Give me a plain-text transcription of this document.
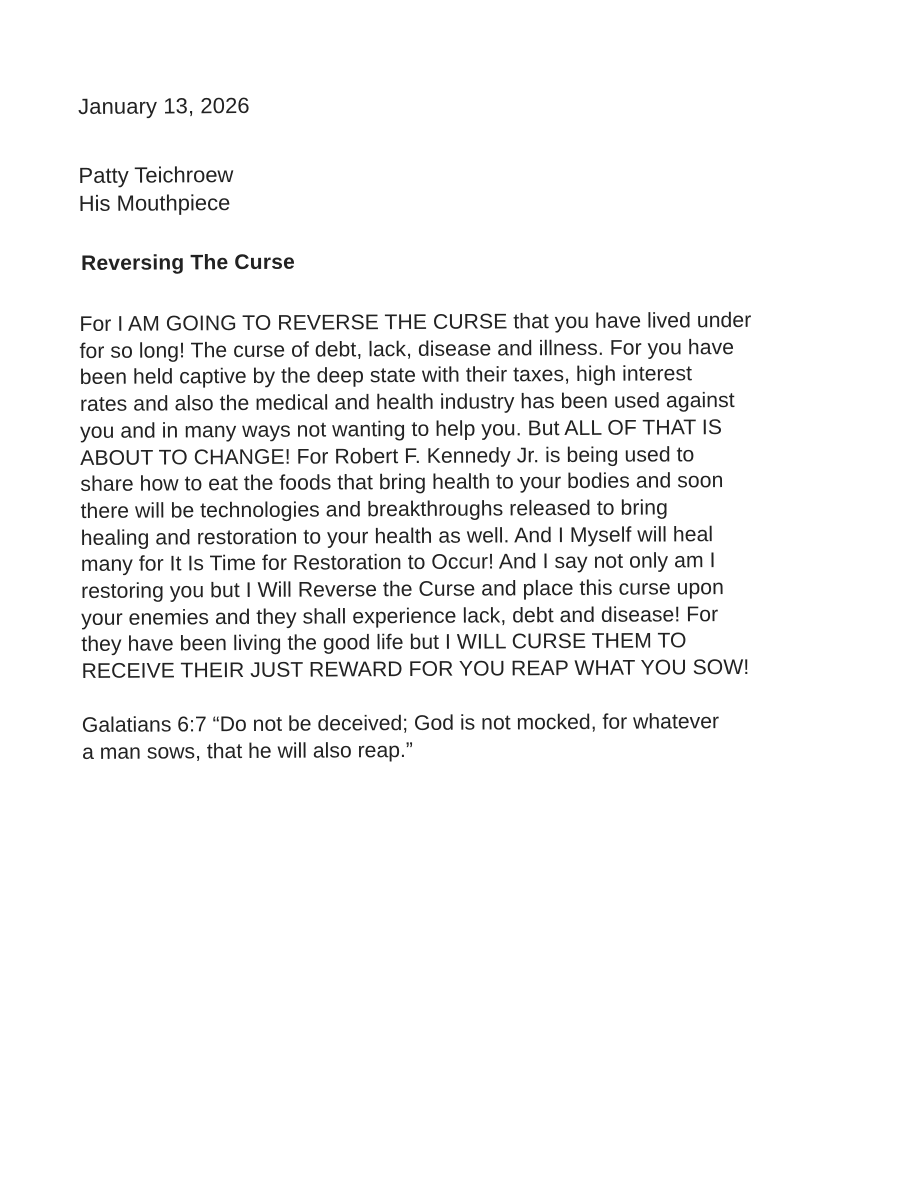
January 13, 2026

Patty Teichroew

His Mouthpiece

Reversing The Curse
For I AM GOING TO REVERSE THE CURSE that you have lived under
for so long! The curse of debt, lack, disease and illness. For you have
been held captive by the deep state with their taxes, high interest
rates and also the medical and health industry has been used against
you and in many ways not wanting to help you. But ALL OF THAT IS
ABOUT TO CHANGE! For Robert F. Kennedy Jr. is being used to
share how to eat the foods that bring health to your bodies and soon
there will be technologies and breakthroughs released to bring
healing and restoration to your health as well. And I Myself will heal
many for It Is Time for Restoration to Occur! And I say not only am I
restoring you but I Will Reverse the Curse and place this curse upon
your enemies and they shall experience lack, debt and disease! For
they have been living the good life but I WILL CURSE THEM TO
RECEIVE THEIR JUST REWARD FOR YOU REAP WHAT YOU SOW!
Galatians 6:7 “Do not be deceived; God is not mocked, for whatever
a man sows, that he will also reap.”
